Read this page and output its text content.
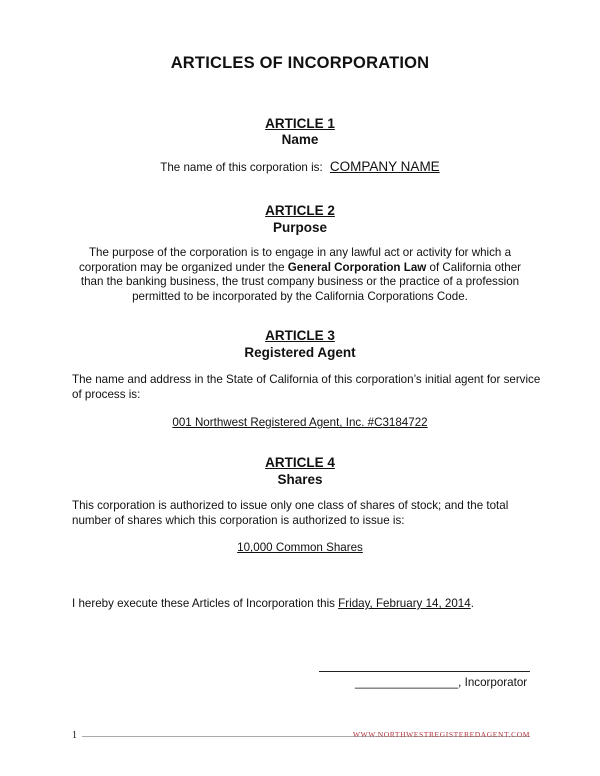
ARTICLES OF INCORPORATION
ARTICLE 1
Name
The name of this corporation is: COMPANY NAME
ARTICLE 2
Purpose
The purpose of the corporation is to engage in any lawful act or activity for which a corporation may be organized under the General Corporation Law of California other than the banking business, the trust company business or the practice of a profession permitted to be incorporated by the California Corporations Code.
ARTICLE 3
Registered Agent
The name and address in the State of California of this corporation’s initial agent for service of process is:
001 Northwest Registered Agent, Inc. #C3184722
ARTICLE 4
Shares
This corporation is authorized to issue only one class of shares of stock; and the total number of shares which this corporation is authorized to issue is:
10,000 Common Shares
I hereby execute these Articles of Incorporation this Friday, February 14, 2014.
________________, Incorporator
1	WWW.NORTHWESTREGISTEREDAGENT.COM
